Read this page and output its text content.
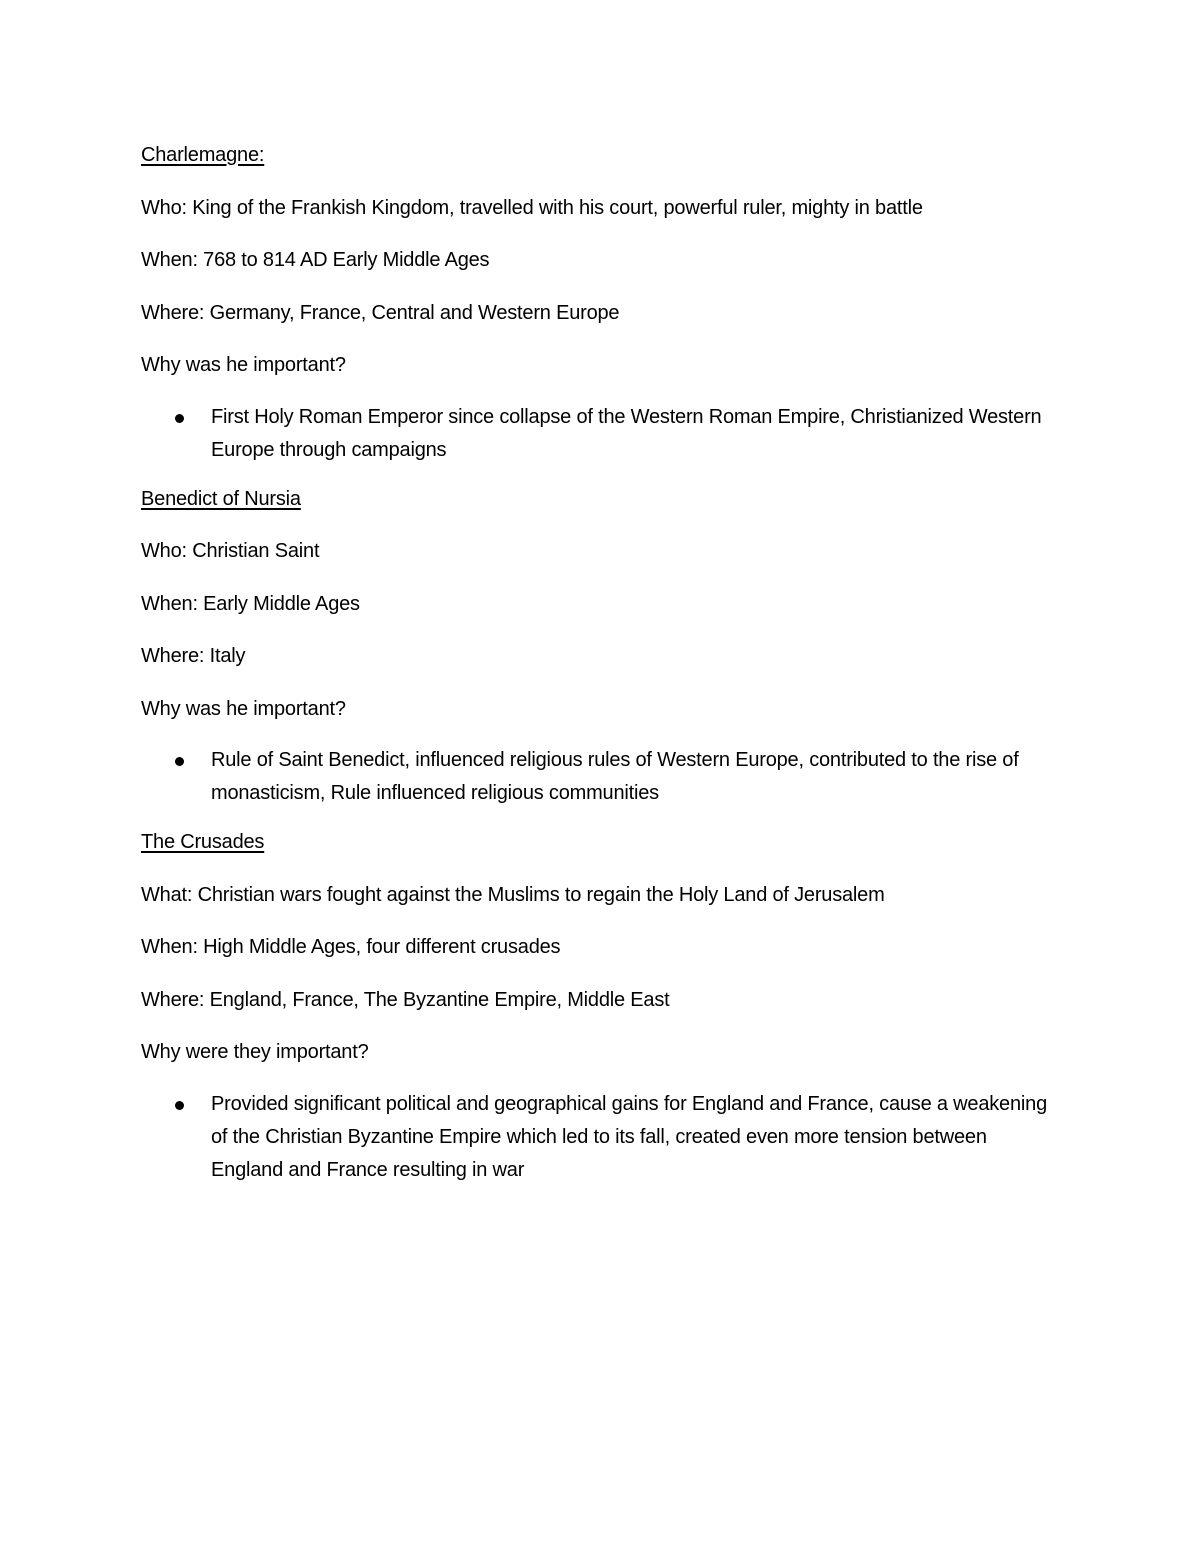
Charlemagne:
Who: King of the Frankish Kingdom, travelled with his court, powerful ruler, mighty in battle
When: 768 to 814 AD Early Middle Ages
Where: Germany, France, Central and Western Europe
Why was he important?
First Holy Roman Emperor since collapse of the Western Roman Empire, Christianized Western Europe through campaigns
Benedict of Nursia
Who: Christian Saint
When: Early Middle Ages
Where: Italy
Why was he important?
Rule of Saint Benedict, influenced religious rules of Western Europe, contributed to the rise of monasticism, Rule influenced religious communities
The Crusades
What: Christian wars fought against the Muslims to regain the Holy Land of Jerusalem
When: High Middle Ages, four different crusades
Where: England, France, The Byzantine Empire, Middle East
Why were they important?
Provided significant political and geographical gains for England and France, cause a weakening of the Christian Byzantine Empire which led to its fall, created even more tension between England and France resulting in war
